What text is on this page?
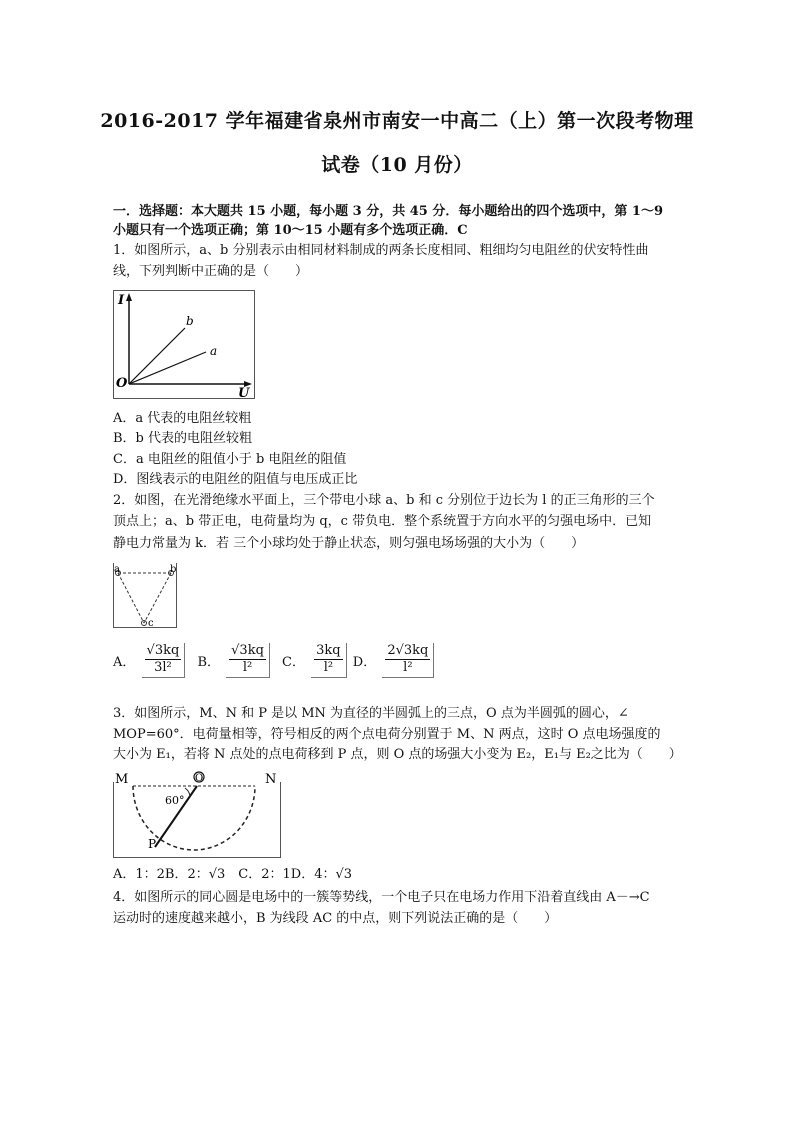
2016-2017 学年福建省泉州市南安一中高二（上）第一次段考物理
试卷（10 月份）
一．选择题：本大题共 15 小题，每小题 3 分，共 45 分．每小题给出的四个选项中，第 1～9
小题只有一个选项正确；第 10～15 小题有多个选项正确．C
1．如图所示，a、b 分别表示由相同材料制成的两条长度相同、粗细均匀电阻丝的伏安特性曲
线，下列判断中正确的是（　　）
I
U
O
b
a
A．a 代表的电阻丝较粗
B．b 代表的电阻丝较粗
C．a 电阻丝的阻值小于 b 电阻丝的阻值
D．图线表示的电阻丝的阻值与电压成正比
2．如图，在光滑绝缘水平面上，三个带电小球 a、b 和 c 分别位于边长为 l 的正三角形的三个
顶点上；a、b 带正电，电荷量均为 q，c 带负电．整个系统置于方向水平的匀强电场中．已知
静电力常量为 k．若 三个小球均处于静止状态，则匀强电场场强的大小为（　　）
a	b
c
A． $\frac{√3kq}{\text{3l²}}$ B． $\frac{√3kq}{\text{l²}}$ C． $\frac{3kq}{\text{l²}}$ D． $\frac{2√3kq}{\text{l²}}$
3．如图所示，M、N 和 P 是以 MN 为直径的半圆弧上的三点，O 点为半圆弧的圆心，∠
MOP=60°．电荷量相等，符号相反的两个点电荷分别置于 M、N 两点，这时 O 点电场强度的
大小为 E₁，若将 N 点处的点电荷移到 P 点，则 O 点的场强大小变为 E₂，E₁与 E₂之比为（　　）
M	N
O
P
60°
A．1：2B．2：√3　C．2：1D．4：√3
4．如图所示的同心圆是电场中的一簇等势线，一个电子只在电场力作用下沿着直线由 A－→C
运动时的速度越来越小，B 为线段 AC 的中点，则下列说法正确的是（　　）
